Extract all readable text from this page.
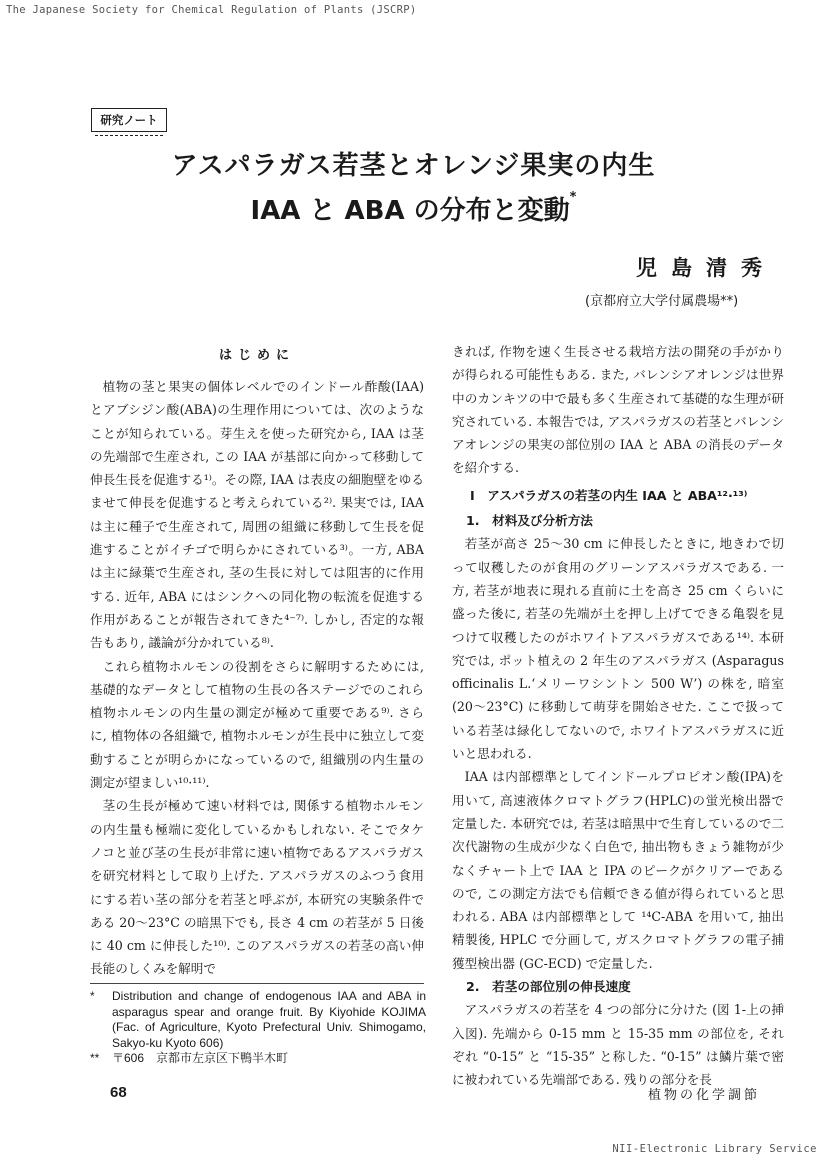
The Japanese Society for Chemical Regulation of Plants (JSCRP)
研究ノート
アスパラガス若茎とオレンジ果実の内生
IAA と ABA の分布と変動*
児島清秀
(京都府立大学付属農場**)
はじめに

植物の茎と果実の個体レベルでのインドール酢酸(IAA)とアブシジン酸(ABA)の生理作用については、次のようなことが知られている。芽生えを使った研究から, IAA は茎の先端部で生産され, この IAA が基部に向かって移動して伸長生長を促進する¹⁾。その際, IAA は表皮の細胞壁をゆるませて伸長を促進すると考えられている²⁾. 果実では, IAA は主に種子で生産されて, 周囲の組織に移動して生長を促進することがイチゴで明らかにされている³⁾。一方, ABA は主に緑葉で生産され, 茎の生長に対しては阻害的に作用する. 近年, ABA にはシンクへの同化物の転流を促進する作用があることが報告されてきた⁴⁻⁷⁾. しかし, 否定的な報告もあり, 議論が分かれている⁸⁾.

これら植物ホルモンの役割をさらに解明するためには, 基礎的なデータとして植物の生長の各ステージでのこれら植物ホルモンの内生量の測定が極めて重要である⁹⁾. さらに, 植物体の各組織で, 植物ホルモンが生長中に独立して変動することが明らかになっているので, 組織別の内生量の測定が望ましい¹⁰·¹¹⁾.

茎の生長が極めて速い材料では, 関係する植物ホルモンの内生量も極端に変化しているかもしれない. そこでタケノコと並び茎の生長が非常に速い植物であるアスパラガスを研究材料として取り上げた. アスパラガスのふつう食用にする若い茎の部分を若茎と呼ぶが, 本研究の実験条件である 20〜23°C の暗黒下でも, 長さ 4 cm の若茎が 5 日後に 40 cm に伸長した¹⁰⁾. このアスパラガスの若茎の高い伸長能のしくみを解明で

きれば, 作物を速く生長させる栽培方法の開発の手がかりが得られる可能性もある. また, バレンシアオレンジは世界中のカンキツの中で最も多く生産されて基礎的な生理が研究されている. 本報告では, アスパラガスの若茎とバレンシアオレンジの果実の部位別の IAA と ABA の消長のデータを紹介する.

I　アスパラガスの若茎の内生 IAA と ABA¹²·¹³⁾
1.　材料及び分析方法

若茎が高さ 25〜30 cm に伸長したときに, 地きわで切って収穫したのが食用のグリーンアスパラガスである. 一方, 若茎が地表に現れる直前に土を高さ 25 cm くらいに盛った後に, 若茎の先端が土を押し上げてできる亀裂を見つけて収穫したのがホワイトアスパラガスである¹⁴⁾. 本研究では, ポット植えの 2 年生のアスパラガス (Asparagus officinalis L.‘メリーワシントン 500 W’) の株を, 暗室 (20〜23°C) に移動して萌芽を開始させた. ここで扱っている若茎は緑化してないので, ホワイトアスパラガスに近いと思われる.

IAA は内部標準としてインドールプロピオン酸(IPA)を用いて, 高速液体クロマトグラフ(HPLC)の蛍光検出器で定量した. 本研究では, 若茎は暗黒中で生育しているので二次代謝物の生成が少なく白色で, 抽出物もきょう雑物が少なくチャート上で IAA と IPA のピークがクリアーであるので, この測定方法でも信頼できる値が得られていると思われる. ABA は内部標準として ¹⁴C-ABA を用いて, 抽出精製後, HPLC で分画して, ガスクロマトグラフの電子捕獲型検出器 (GC-ECD) で定量した.

2.　若茎の部位別の伸長速度

アスパラガスの若茎を 4 つの部分に分けた (図 1-上の挿入図). 先端から 0-15 mm と 15-35 mm の部位を, それぞれ “0-15” と “15-35” と称した. “0-15” は鱗片葉で密に被われている先端部である. 残りの部分を長

*	Distribution and change of endogenous IAA and ABA in asparagus spear and orange fruit. By Kiyohide KOJIMA (Fac. of Agriculture, Kyoto Prefectural Univ. Shimogamo, Sakyo-ku Kyoto 606)
**	〒606　京都市左京区下鴨半木町
68	植物の化学調節
NII-Electronic Library Service
